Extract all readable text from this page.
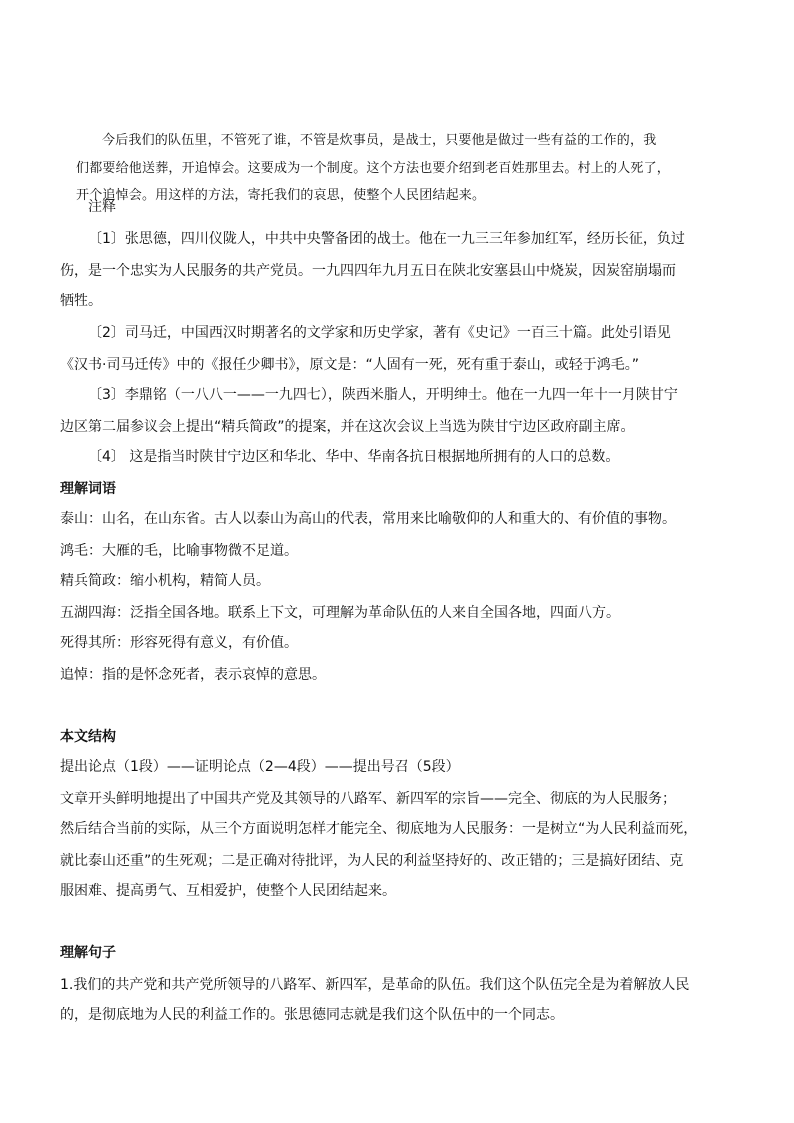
今后我们的队伍里，不管死了谁，不管是炊事员，是战士，只要他是做过一些有益的工作的，我
们都要给他送葬，开追悼会。这要成为一个制度。这个方法也要介绍到老百姓那里去。村上的人死了，
开个追悼会。用这样的方法，寄托我们的哀思，使整个人民团结起来。
注释
〔1〕张思德，四川仪陇人，中共中央警备团的战士。他在一九三三年参加红军，经历长征，负过
伤，是一个忠实为人民服务的共产党员。一九四四年九月五日在陕北安塞县山中烧炭，因炭窑崩塌而
牺牲。
〔2〕司马迁，中国西汉时期著名的文学家和历史学家，著有《史记》一百三十篇。此处引语见
《汉书·司马迁传》中的《报任少卿书》，原文是：“人固有一死，死有重于泰山，或轻于鸿毛。”
〔3〕李鼎铭（一八八一——一九四七），陕西米脂人，开明绅士。他在一九四一年十一月陕甘宁
边区第二届参议会上提出“精兵简政”的提案，并在这次会议上当选为陕甘宁边区政府副主席。
〔4〕 这是指当时陕甘宁边区和华北、华中、华南各抗日根据地所拥有的人口的总数。
理解词语
泰山：山名，在山东省。古人以泰山为高山的代表，常用来比喻敬仰的人和重大的、有价值的事物。
鸿毛：大雁的毛，比喻事物微不足道。
精兵简政：缩小机构，精简人员。
五湖四海：泛指全国各地。联系上下文，可理解为革命队伍的人来自全国各地，四面八方。
死得其所：形容死得有意义，有价值。
追悼：指的是怀念死者，表示哀悼的意思。
本文结构
提出论点（1段）——证明论点（2—4段）——提出号召（5段）
文章开头鲜明地提出了中国共产党及其领导的八路军、新四军的宗旨——完全、彻底的为人民服务；
然后结合当前的实际，从三个方面说明怎样才能完全、彻底地为人民服务：一是树立“为人民利益而死，
就比泰山还重”的生死观；二是正确对待批评，为人民的利益坚持好的、改正错的；三是搞好团结、克
服困难、提高勇气、互相爱护，使整个人民团结起来。
理解句子
1.我们的共产党和共产党所领导的八路军、新四军，是革命的队伍。我们这个队伍完全是为着解放人民
的，是彻底地为人民的利益工作的。张思德同志就是我们这个队伍中的一个同志。
